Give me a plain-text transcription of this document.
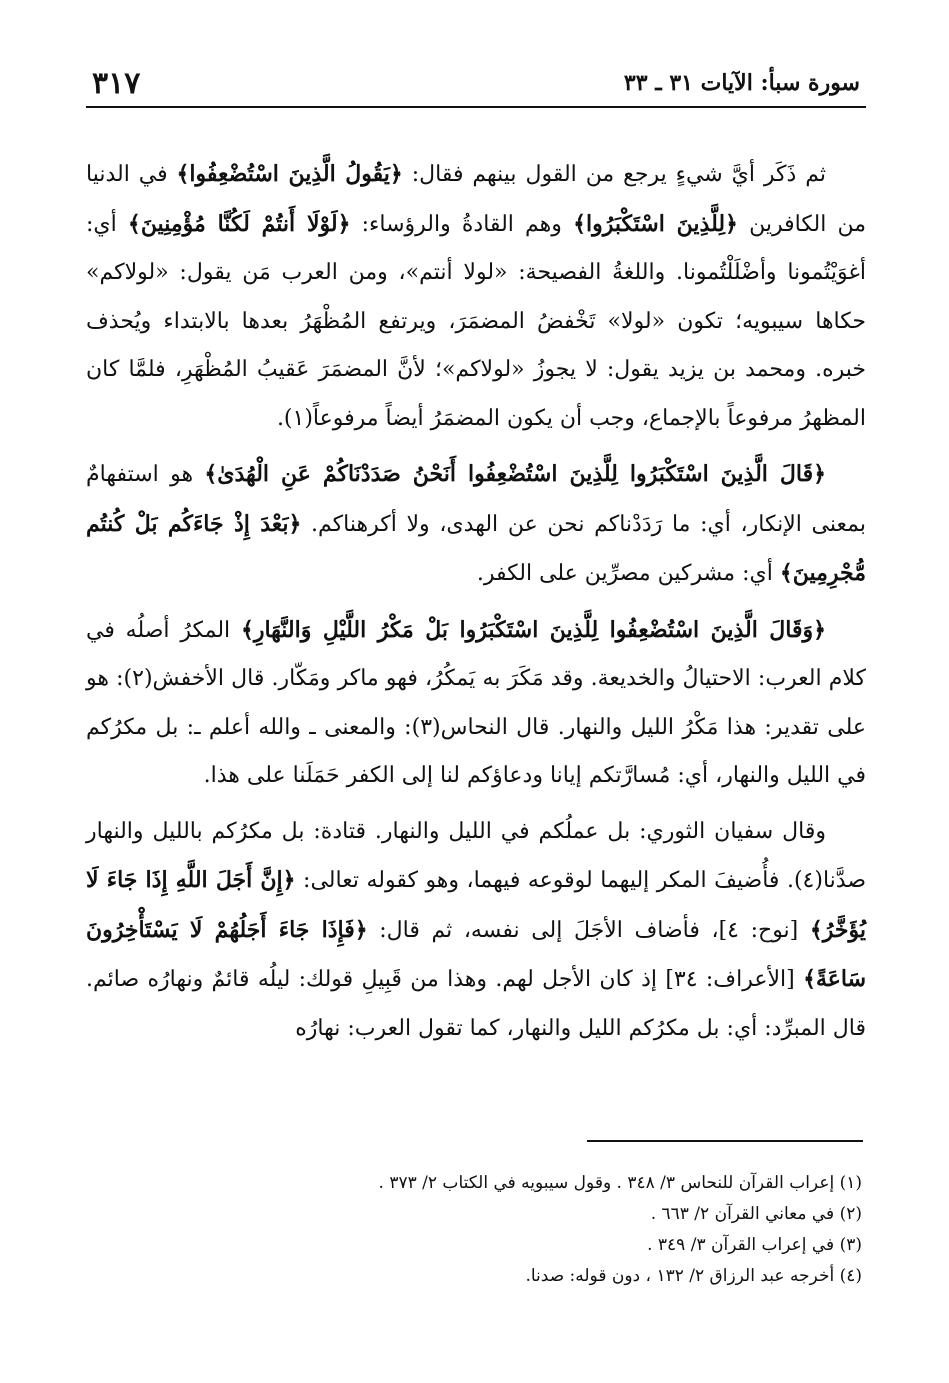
سورة سبأ: الآيات ٣١ ـ ٣٣
٣١٧

ثم ذَكَر أيَّ شيءٍ يرجع من القول بينهم فقال: ﴿يَقُولُ الَّذِينَ اسْتُضْعِفُوا﴾ في الدنيا من الكافرين ﴿لِلَّذِينَ اسْتَكْبَرُوا﴾ وهم القادةُ والرؤساء: ﴿لَوْلَا أَنتُمْ لَكُنَّا مُؤْمِنِينَ﴾ أي: أغوَيْتُمونا وأضْلَلْتُمونا. واللغةُ الفصيحة: «لولا أنتم»، ومن العرب مَن يقول: «لولاكم» حكاها سيبويه؛ تكون «لولا» تَخْفضُ المضمَرَ، ويرتفع المُظْهَرُ بعدها بالابتداء ويُحذف خبره. ومحمد بن يزيد يقول: لا يجوزُ «لولاكم»؛ لأنَّ المضمَرَ عَقيبُ المُظْهَرِ، فلمَّا كان المظهرُ مرفوعاً بالإجماع، وجب أن يكون المضمَرُ أيضاً مرفوعاً(١).

﴿قَالَ الَّذِينَ اسْتَكْبَرُوا لِلَّذِينَ اسْتُضْعِفُوا أَنَحْنُ صَدَدْنَاكُمْ عَنِ الْهُدَىٰ﴾ هو استفهامٌ بمعنى الإنكار، أي: ما رَدَدْناكم نحن عن الهدى، ولا أكرهناكم. ﴿بَعْدَ إِذْ جَاءَكُم بَلْ كُنتُم مُّجْرِمِينَ﴾ أي: مشركين مصرِّين على الكفر.

﴿وَقَالَ الَّذِينَ اسْتُضْعِفُوا لِلَّذِينَ اسْتَكْبَرُوا بَلْ مَكْرُ اللَّيْلِ وَالنَّهَارِ﴾ المكرُ أصلُه في كلام العرب: الاحتيالُ والخديعة. وقد مَكَرَ به يَمكُرُ، فهو ماكر ومَكّار. قال الأخفش(٢): هو على تقدير: هذا مَكْرُ الليل والنهار. قال النحاس(٣): والمعنى ـ والله أعلم ـ: بل مكرُكم في الليل والنهار، أي: مُسارَّتكم إيانا ودعاؤكم لنا إلى الكفر حَمَلَنا على هذا.

وقال سفيان الثوري: بل عملُكم في الليل والنهار. قتادة: بل مكرُكم بالليل والنهار صدَّنا(٤). فأُضيفَ المكر إليهما لوقوعه فيهما، وهو كقوله تعالى: ﴿إِنَّ أَجَلَ اللَّهِ إِذَا جَاءَ لَا يُؤَخَّرُ﴾ [نوح: ٤]، فأضاف الأجَلَ إلى نفسه، ثم قال: ﴿فَإِذَا جَاءَ أَجَلُهُمْ لَا يَسْتَأْخِرُونَ سَاعَةً﴾ [الأعراف: ٣٤] إذ كان الأجل لهم. وهذا من قَبِيلِ قولك: ليلُه قائمٌ ونهارُه صائم. قال المبرِّد: أي: بل مكرُكم الليل والنهار، كما تقول العرب: نهارُه

(١) إعراب القرآن للنحاس ٣/ ٣٤٨ . وقول سيبويه في الكتاب ٢/ ٣٧٣ .

(٢) في معاني القرآن ٢/ ٦٦٣ .

(٣) في إعراب القرآن ٣/ ٣٤٩ .

(٤) أخرجه عبد الرزاق ٢/ ١٣٢ ، دون قوله: صدنا.
